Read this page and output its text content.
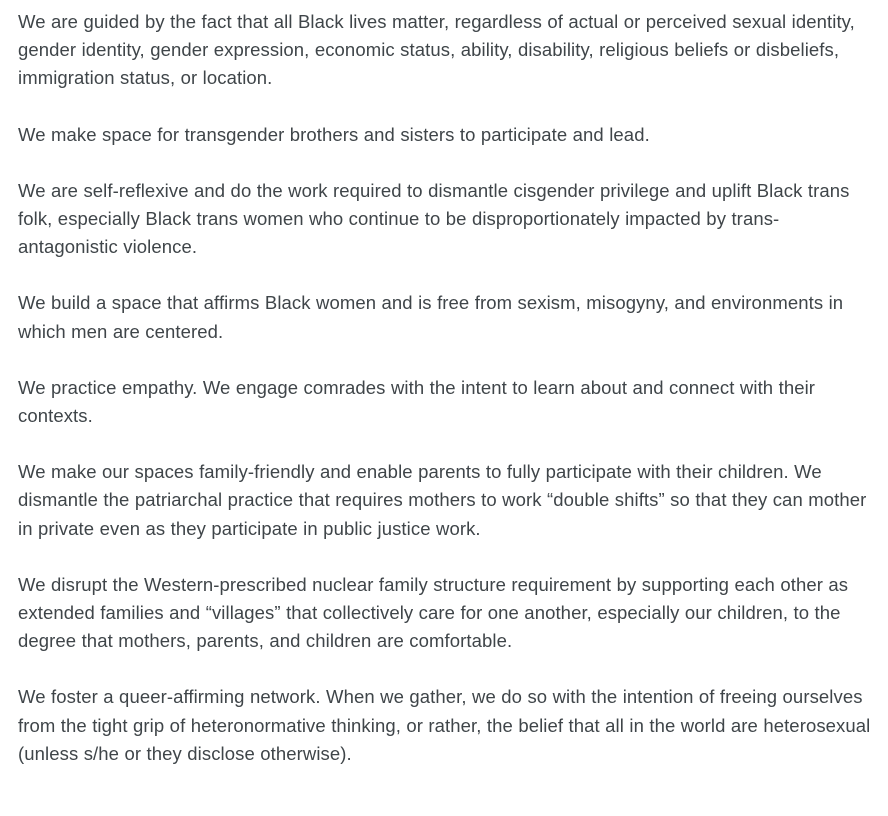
We are guided by the fact that all Black lives matter, regardless of actual or perceived sexual identity, gender identity, gender expression, economic status, ability, disability, religious beliefs or disbeliefs, immigration status, or location.

We make space for transgender brothers and sisters to participate and lead.

We are self-reflexive and do the work required to dismantle cisgender privilege and uplift Black trans folk, especially Black trans women who continue to be disproportionately impacted by trans-antagonistic violence.

We build a space that affirms Black women and is free from sexism, misogyny, and environments in which men are centered.

We practice empathy. We engage comrades with the intent to learn about and connect with their contexts.

We make our spaces family-friendly and enable parents to fully participate with their children. We dismantle the patriarchal practice that requires mothers to work “double shifts” so that they can mother in private even as they participate in public justice work.

We disrupt the Western-prescribed nuclear family structure requirement by supporting each other as extended families and “villages” that collectively care for one another, especially our children, to the degree that mothers, parents, and children are comfortable.

We foster a queer-affirming network. When we gather, we do so with the intention of freeing ourselves from the tight grip of heteronormative thinking, or rather, the belief that all in the world are heterosexual (unless s/he or they disclose otherwise).
